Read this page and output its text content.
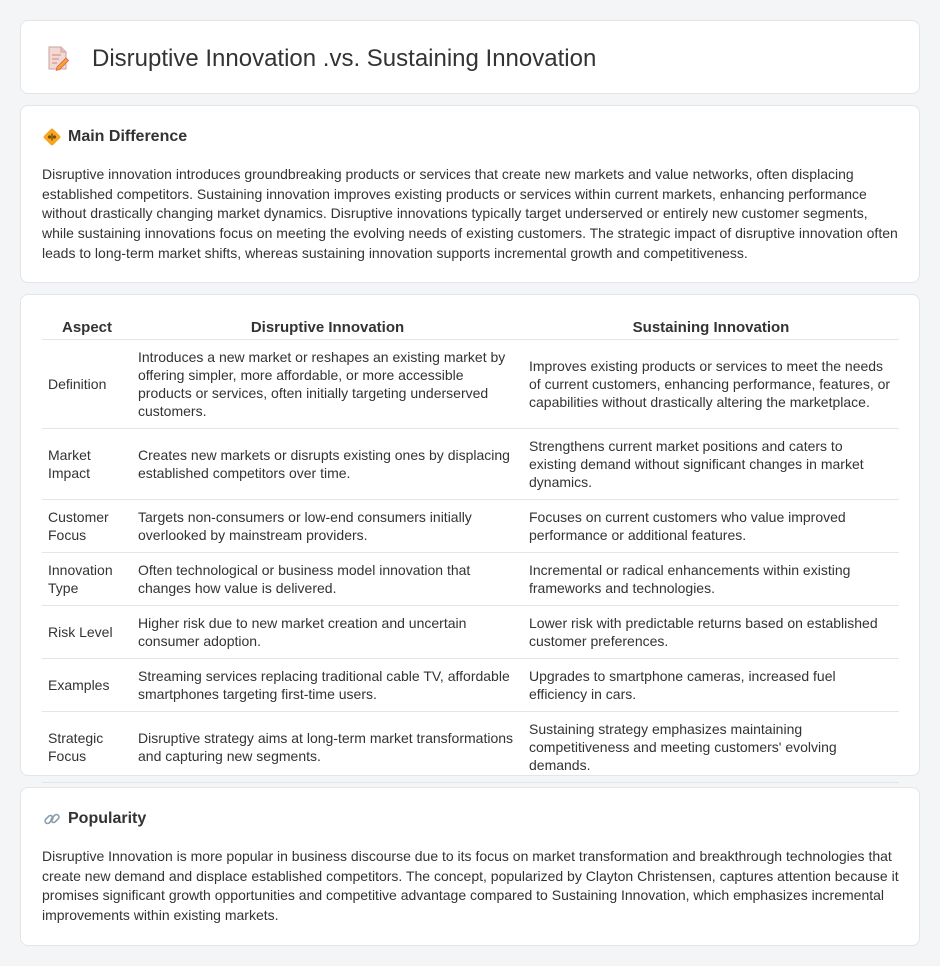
Disruptive Innovation .vs. Sustaining Innovation
Main Difference

Disruptive innovation introduces groundbreaking products or services that create new markets and value networks, often displacing established competitors. Sustaining innovation improves existing products or services within current markets, enhancing performance without drastically changing market dynamics. Disruptive innovations typically target underserved or entirely new customer segments, while sustaining innovations focus on meeting the evolving needs of existing customers. The strategic impact of disruptive innovation often leads to long-term market shifts, whereas sustaining innovation supports incremental growth and competitiveness.

Aspect	Disruptive Innovation	Sustaining Innovation
Definition	Introduces a new market or reshapes an existing market by offering simpler, more affordable, or more accessible products or services, often initially targeting underserved customers.	Improves existing products or services to meet the needs of current customers, enhancing performance, features, or capabilities without drastically altering the marketplace.
Market Impact	Creates new markets or disrupts existing ones by displacing established competitors over time.	Strengthens current market positions and caters to existing demand without significant changes in market dynamics.
Customer Focus	Targets non-consumers or low-end consumers initially overlooked by mainstream providers.	Focuses on current customers who value improved performance or additional features.
Innovation Type	Often technological or business model innovation that changes how value is delivered.	Incremental or radical enhancements within existing frameworks and technologies.
Risk Level	Higher risk due to new market creation and uncertain consumer adoption.	Lower risk with predictable returns based on established customer preferences.
Examples	Streaming services replacing traditional cable TV, affordable smartphones targeting first-time users.	Upgrades to smartphone cameras, increased fuel efficiency in cars.
Strategic Focus	Disruptive strategy aims at long-term market transformations and capturing new segments.	Sustaining strategy emphasizes maintaining competitiveness and meeting customers' evolving demands.
Popularity

Disruptive Innovation is more popular in business discourse due to its focus on market transformation and breakthrough technologies that create new demand and displace established competitors. The concept, popularized by Clayton Christensen, captures attention because it promises significant growth opportunities and competitive advantage compared to Sustaining Innovation, which emphasizes incremental improvements within existing markets.
